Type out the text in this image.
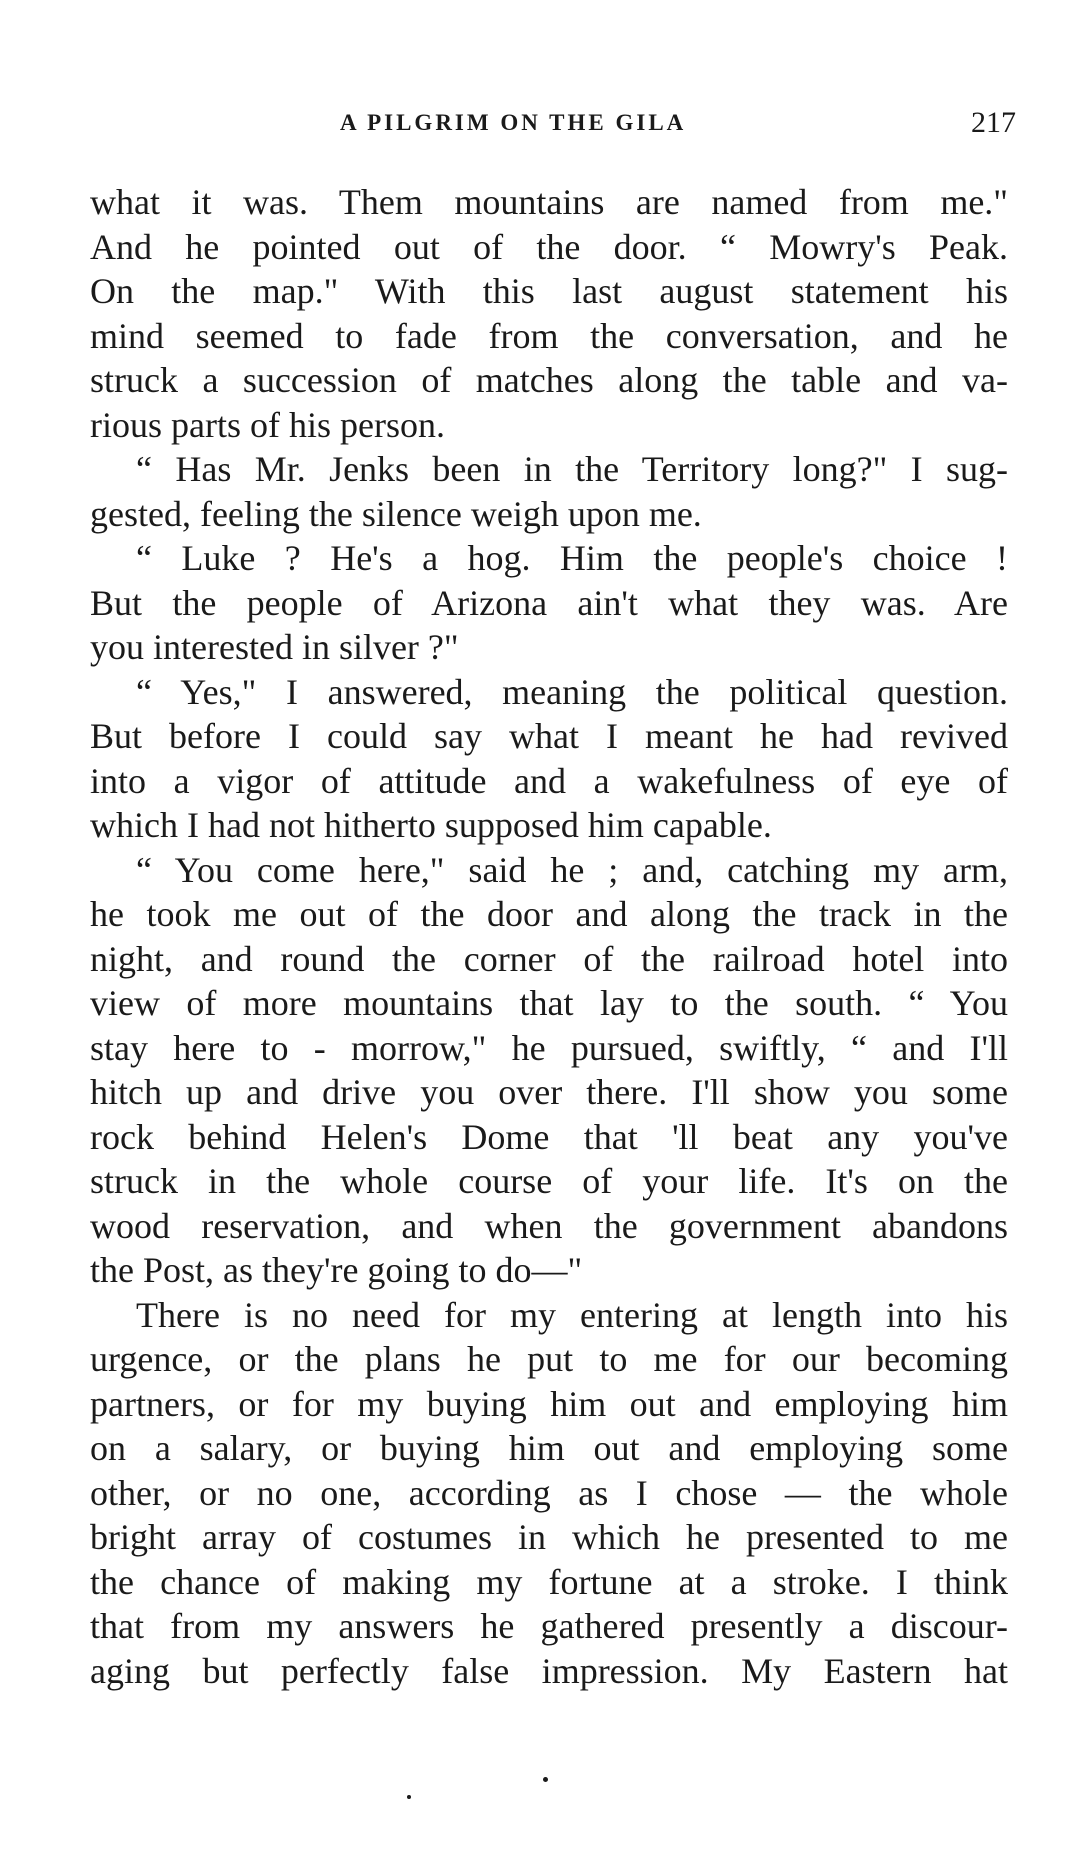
A PILGRIM ON THE GILA	217
what it was. Them mountains are named from me."
And he pointed out of the door. “ Mowry's Peak.
On the map." With this last august statement his
mind seemed to fade from the conversation, and he
struck a succession of matches along the table and va-
rious parts of his person.
“ Has Mr. Jenks been in the Territory long?" I sug-
gested, feeling the silence weigh upon me.
“ Luke ? He's a hog. Him the people's choice !
But the people of Arizona ain't what they was. Are
you interested in silver ?"
“ Yes," I answered, meaning the political question.
But before I could say what I meant he had revived
into a vigor of attitude and a wakefulness of eye of
which I had not hitherto supposed him capable.
“ You come here," said he ; and, catching my arm,
he took me out of the door and along the track in the
night, and round the corner of the railroad hotel into
view of more mountains that lay to the south. “ You
stay here to - morrow," he pursued, swiftly, “ and I'll
hitch up and drive you over there. I'll show you some
rock behind Helen's Dome that 'll beat any you've
struck in the whole course of your life. It's on the
wood reservation, and when the government abandons
the Post, as they're going to do—"
There is no need for my entering at length into his
urgence, or the plans he put to me for our becoming
partners, or for my buying him out and employing him
on a salary, or buying him out and employing some
other, or no one, according as I chose — the whole
bright array of costumes in which he presented to me
the chance of making my fortune at a stroke. I think
that from my answers he gathered presently a discour-
aging but perfectly false impression. My Eastern hat
